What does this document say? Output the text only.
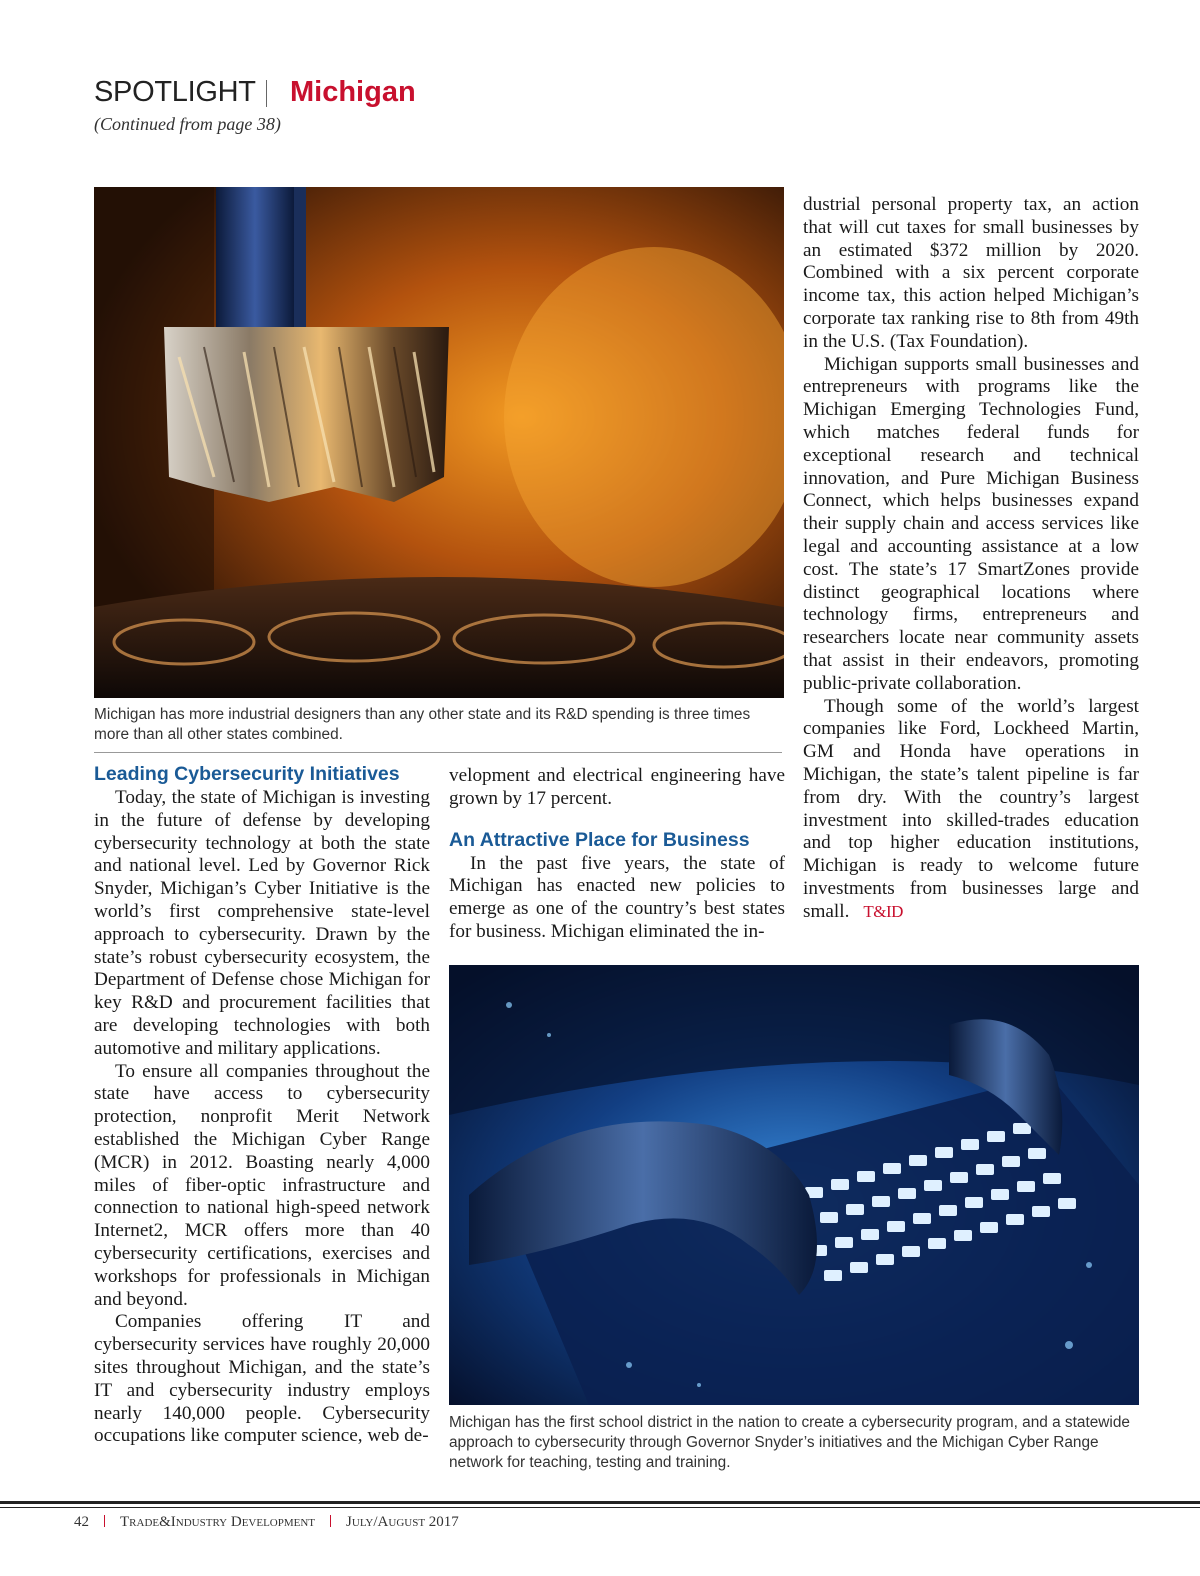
SPOTLIGHT Michigan
(Continued from page 38)
Michigan has more industrial designers than any other state and its R&D spending is three times more than all other states combined.
Leading Cybersecurity Initiatives

Today, the state of Michigan is investing in the future of defense by developing cybersecurity technology at both the state and national level. Led by Governor Rick Snyder, Michigan’s Cyber Initiative is the world’s first comprehensive state-level approach to cybersecurity. Drawn by the state’s robust cybersecurity ecosystem, the Department of Defense chose Michigan for key R&D and procurement facilities that are developing technologies with both automotive and military applications.

To ensure all companies throughout the state have access to cybersecurity protection, nonprofit Merit Network established the Michigan Cyber Range (MCR) in 2012. Boasting nearly 4,000 miles of fiber-optic infrastructure and connection to national high-speed network Internet2, MCR offers more than 40 cybersecurity certifications, exercises and workshops for professionals in Michigan and beyond.

Companies offering IT and cybersecurity services have roughly 20,000 sites throughout Michigan, and the state’s IT and cybersecurity industry employs nearly 140,000 people. Cybersecurity occupations like computer science, web de-

velopment and electrical engineering have grown by 17 percent.

An Attractive Place for Business

In the past five years, the state of Michigan has enacted new policies to emerge as one of the country’s best states for business. Michigan eliminated the in-

dustrial personal property tax, an action that will cut taxes for small businesses by an estimated $372 million by 2020. Combined with a six percent corporate income tax, this action helped Michigan’s corporate tax ranking rise to 8th from 49th in the U.S. (Tax Foundation).

Michigan supports small businesses and entrepreneurs with programs like the Michigan Emerging Technologies Fund, which matches federal funds for exceptional research and technical innovation, and Pure Michigan Business Connect, which helps businesses expand their supply chain and access services like legal and accounting assistance at a low cost. The state’s 17 SmartZones provide distinct geographical locations where technology firms, entrepreneurs and researchers locate near community assets that assist in their endeavors, promoting public-private collaboration.

Though some of the world’s largest companies like Ford, Lockheed Martin, GM and Honda have operations in Michigan, the state’s talent pipeline is far from dry. With the country’s largest investment into skilled-trades education and top higher education institutions, Michigan is ready to welcome future investments from businesses large and small. T&ID

Michigan has the first school district in the nation to create a cybersecurity program, and a statewide approach to cybersecurity through Governor Snyder’s initiatives and the Michigan Cyber Range network for teaching, testing and training.
42 Trade&Industry Development July/August 2017
